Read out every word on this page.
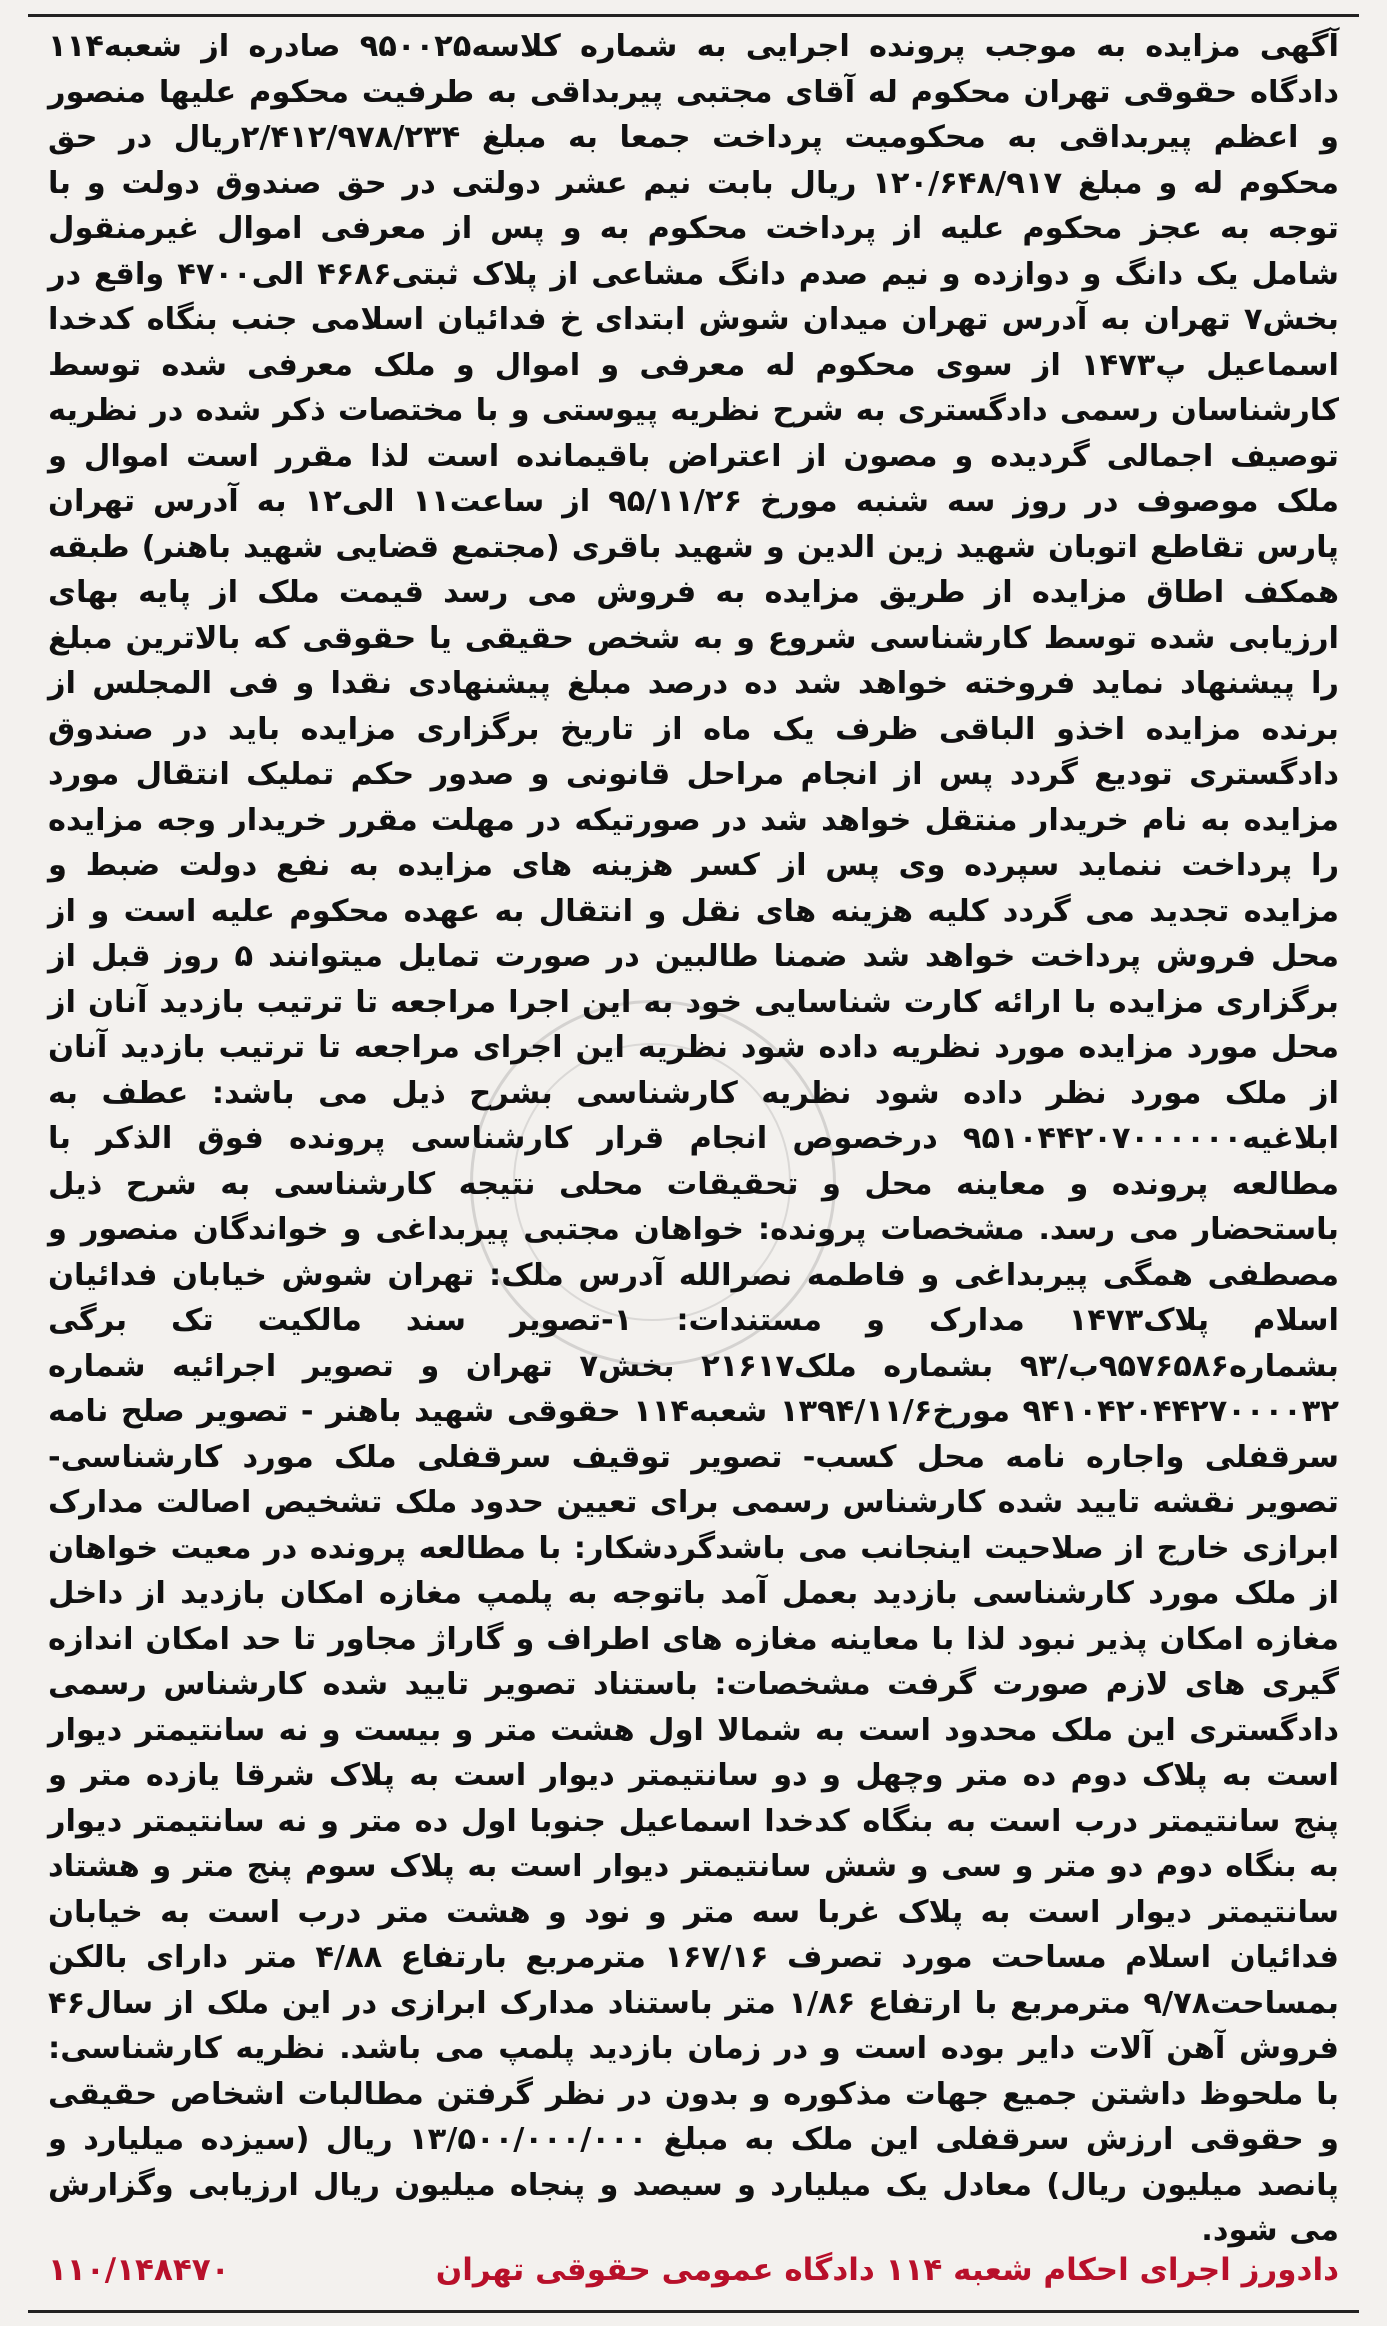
آگهی مزایده به موجب پرونده اجرایی به شماره کلاسه۹۵۰۰۲۵ صادره از شعبه۱۱۴ دادگاه حقوقی تهران محکوم له آقای مجتبی پیربداقی به طرفیت محکوم علیها منصور و اعظم پیربداقی به محکومیت پرداخت جمعا به مبلغ ۲/۴۱۲/۹۷۸/۲۳۴ریال در حق محکوم له و مبلغ ۱۲۰/۶۴۸/۹۱۷ ریال بابت نیم عشر دولتی در حق صندوق دولت و با توجه به عجز محکوم علیه از پرداخت محکوم به و پس از معرفی اموال غیرمنقول شامل یک دانگ و دوازده و نیم صدم دانگ مشاعی از پلاک ثبتی۴۶۸۶ الی۴۷۰۰ واقع در بخش۷ تهران به آدرس تهران میدان شوش ابتدای خ فدائیان اسلامی جنب بنگاه کدخدا اسماعیل پ۱۴۷۳ از سوی محکوم له معرفی و اموال و ملک معرفی شده توسط کارشناسان رسمی دادگستری به شرح نظریه پیوستی و با مختصات ذکر شده در نظریه توصیف اجمالی گردیده و مصون از اعتراض باقیمانده است لذا مقرر است اموال و ملک موصوف در روز سه شنبه مورخ ۹۵/۱۱/۲۶ از ساعت۱۱ الی۱۲ به آدرس تهران پارس تقاطع اتوبان شهید زین الدین و شهید باقری (مجتمع قضایی شهید باهنر) طبقه همکف اطاق مزایده از طریق مزایده به فروش می رسد قیمت ملک از پایه بهای ارزیابی شده توسط کارشناسی شروع و به شخص حقیقی یا حقوقی که بالاترین مبلغ را پیشنهاد نماید فروخته خواهد شد ده درصد مبلغ پیشنهادی نقدا و فی المجلس از برنده مزایده اخذو الباقی ظرف یک ماه از تاریخ برگزاری مزایده باید در صندوق دادگستری تودیع گردد پس از انجام مراحل قانونی و صدور حکم تملیک انتقال مورد مزایده به نام خریدار منتقل خواهد شد در صورتیکه در مهلت مقرر خریدار وجه مزایده را پرداخت ننماید سپرده وی پس از کسر هزینه های مزایده به نفع دولت ضبط و مزایده تجدید می گردد کلیه هزینه های نقل و انتقال به عهده محکوم علیه است و از محل فروش پرداخت خواهد شد ضمنا طالبین در صورت تمایل میتوانند ۵ روز قبل از برگزاری مزایده با ارائه کارت شناسایی خود به این اجرا مراجعه تا ترتیب بازدید آنان از محل مورد مزایده مورد نظریه داده شود نظریه این اجرای مراجعه تا ترتیب بازدید آنان از ملک مورد نظر داده شود نظریه کارشناسی بشرح ذیل می باشد: عطف به ابلاغیه۹۵۱۰۴۴۲۰۷۰۰۰۰۰۰ درخصوص انجام قرار کارشناسی پرونده فوق الذکر با مطالعه پرونده و معاینه محل و تحقیقات محلی نتیجه کارشناسی به شرح ذیل باستحضار می رسد. مشخصات پرونده: خواهان مجتبی پیربداغی و خواندگان منصور و مصطفی همگی پیربداغی و فاطمه نصرالله آدرس ملک: تهران شوش خیابان فدائیان اسلام پلاک۱۴۷۳ مدارک و مستندات: ۱-تصویر سند مالکیت تک برگی بشماره۹۵۷۶۵۸۶ب/۹۳ بشماره ملک۲۱۶۱۷ بخش۷ تهران و تصویر اجرائیه شماره ۹۴۱۰۴۲۰۴۴۲۷۰۰۰۰۳۲ مورخ۱۳۹۴/۱۱/۶ شعبه۱۱۴ حقوقی شهید باهنر - تصویر صلح نامه سرقفلی واجاره نامه محل کسب- تصویر توقیف سرقفلی ملک مورد کارشناسی- تصویر نقشه تایید شده کارشناس رسمی برای تعیین حدود ملک تشخیص اصالت مدارک ابرازی خارج از صلاحیت اینجانب می باشدگردشکار: با مطالعه پرونده در معیت خواهان از ملک مورد کارشناسی بازدید بعمل آمد باتوجه به پلمپ مغازه امکان بازدید از داخل مغازه امکان پذیر نبود لذا با معاینه مغازه های اطراف و گاراژ مجاور تا حد امکان اندازه گیری های لازم صورت گرفت مشخصات: باستناد تصویر تایید شده کارشناس رسمی دادگستری این ملک محدود است به شمالا اول هشت متر و بیست و نه سانتیمتر دیوار است به پلاک دوم ده متر وچهل و دو سانتیمتر دیوار است به پلاک شرقا یازده متر و پنج سانتیمتر درب است به بنگاه کدخدا اسماعیل جنوبا اول ده متر و نه سانتیمتر دیوار به بنگاه دوم دو متر و سی و شش سانتیمتر دیوار است به پلاک سوم پنج متر و هشتاد سانتیمتر دیوار است به پلاک غربا سه متر و نود و هشت متر درب است به خیابان فدائیان اسلام مساحت مورد تصرف ۱۶۷/۱۶ مترمربع بارتفاع ۴/۸۸ متر دارای بالکن بمساحت۹/۷۸ مترمربع با ارتفاع ۱/۸۶ متر باستناد مدارک ابرازی در این ملک از سال۴۶ فروش آهن آلات دایر بوده است و در زمان بازدید پلمپ می باشد. نظریه کارشناسی: با ملحوظ داشتن جمیع جهات مذکوره و بدون در نظر گرفتن مطالبات اشخاص حقیقی و حقوقی ارزش سرقفلی این ملک به مبلغ ۱۳/۵۰۰/۰۰۰/۰۰۰ ریال (سیزده میلیارد و پانصد میلیون ریال) معادل یک میلیارد و سیصد و پنجاه میلیون ریال ارزیابی وگزارش می شود.
دادورز اجرای احکام شعبه ۱۱۴ دادگاه عمومی حقوقی تهران
۱۱۰/۱۴۸۴۷۰
